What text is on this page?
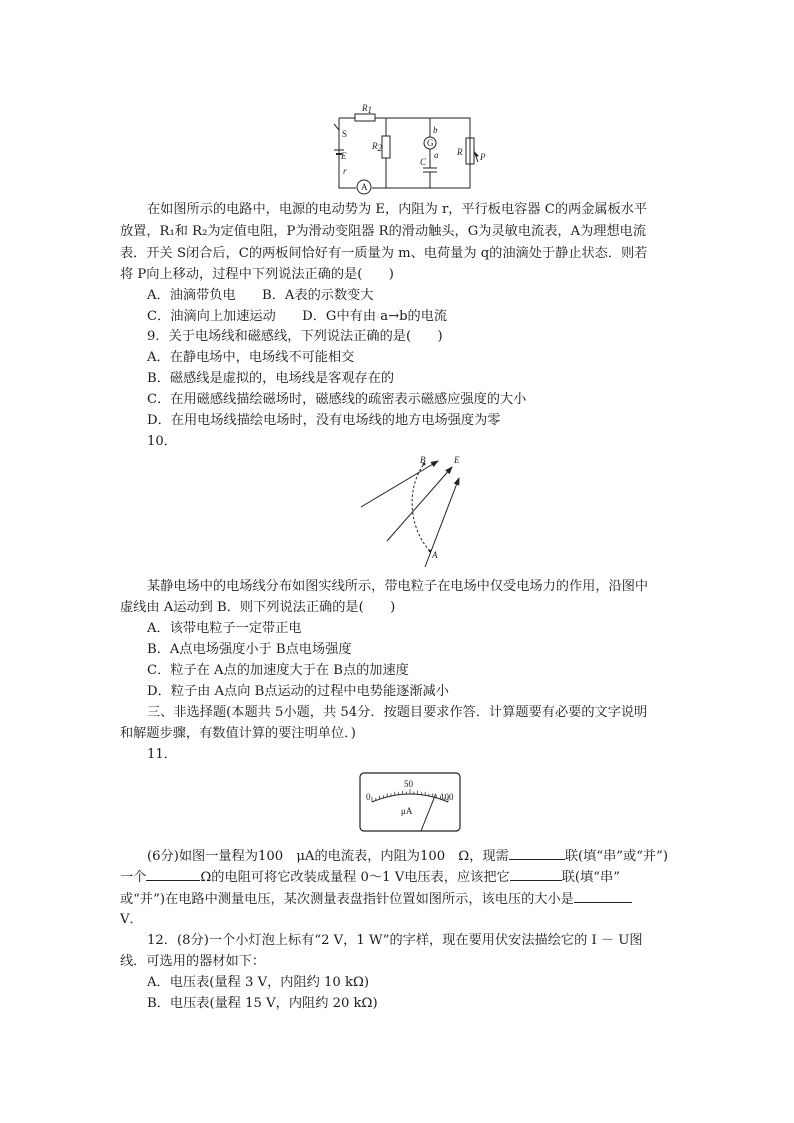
R1
S
E
r
A
R2
b
G
a
C
R P
在如图所示的电路中，电源的电动势为 E，内阻为 r，平行板电容器 C的两金属板水平
放置，R₁和 R₂为定值电阻，P为滑动变阻器 R的滑动触头，G为灵敏电流表，A为理想电流
表．开关 S闭合后，C的两板间恰好有一质量为 m、电荷量为 q的油滴处于静止状态．则若
将 P向上移动，过程中下列说法正确的是(　　)
A．油滴带负电　　B．A表的示数变大
C．油滴向上加速运动　　D．G中有由 a→b的电流
9．关于电场线和磁感线，下列说法正确的是(　　)
A．在静电场中，电场线不可能相交
B．磁感线是虚拟的，电场线是客观存在的
C．在用磁感线描绘磁场时，磁感线的疏密表示磁感应强度的大小
D．在用电场线描绘电场时，没有电场线的地方电场强度为零
10．
B	E
A
某静电场中的电场线分布如图实线所示，带电粒子在电场中仅受电场力的作用，沿图中
虚线由 A运动到 B．则下列说法正确的是(　　)
A．该带电粒子一定带正电
B．A点电场强度小于 B点电场强度
C．粒子在 A点的加速度大于在 B点的加速度
D．粒子由 A点向 B点运动的过程中电势能逐渐减小
三、非选择题(本题共 5小题，共 54分．按题目要求作答．计算题要有必要的文字说明
和解题步骤，有数值计算的要注明单位．)
11．
0
50
100
μA
(6分)如图一量程为100　μA的电流表，内阻为100　Ω，现需	联(填“串”或“并”)
一个	Ω的电阻可将它改装成量程 0～1 V电压表，应该把它	联(填“串”
或“并”)在电路中测量电压，某次测量表盘指针位置如图所示，该电压的大小是
V．
12．(8分)一个小灯泡上标有“2 V，1 W”的字样，现在要用伏安法描绘它的 I － U图
线．可选用的器材如下：
A．电压表(量程 3 V，内阻约 10 kΩ)
B．电压表(量程 15 V，内阻约 20 kΩ)
